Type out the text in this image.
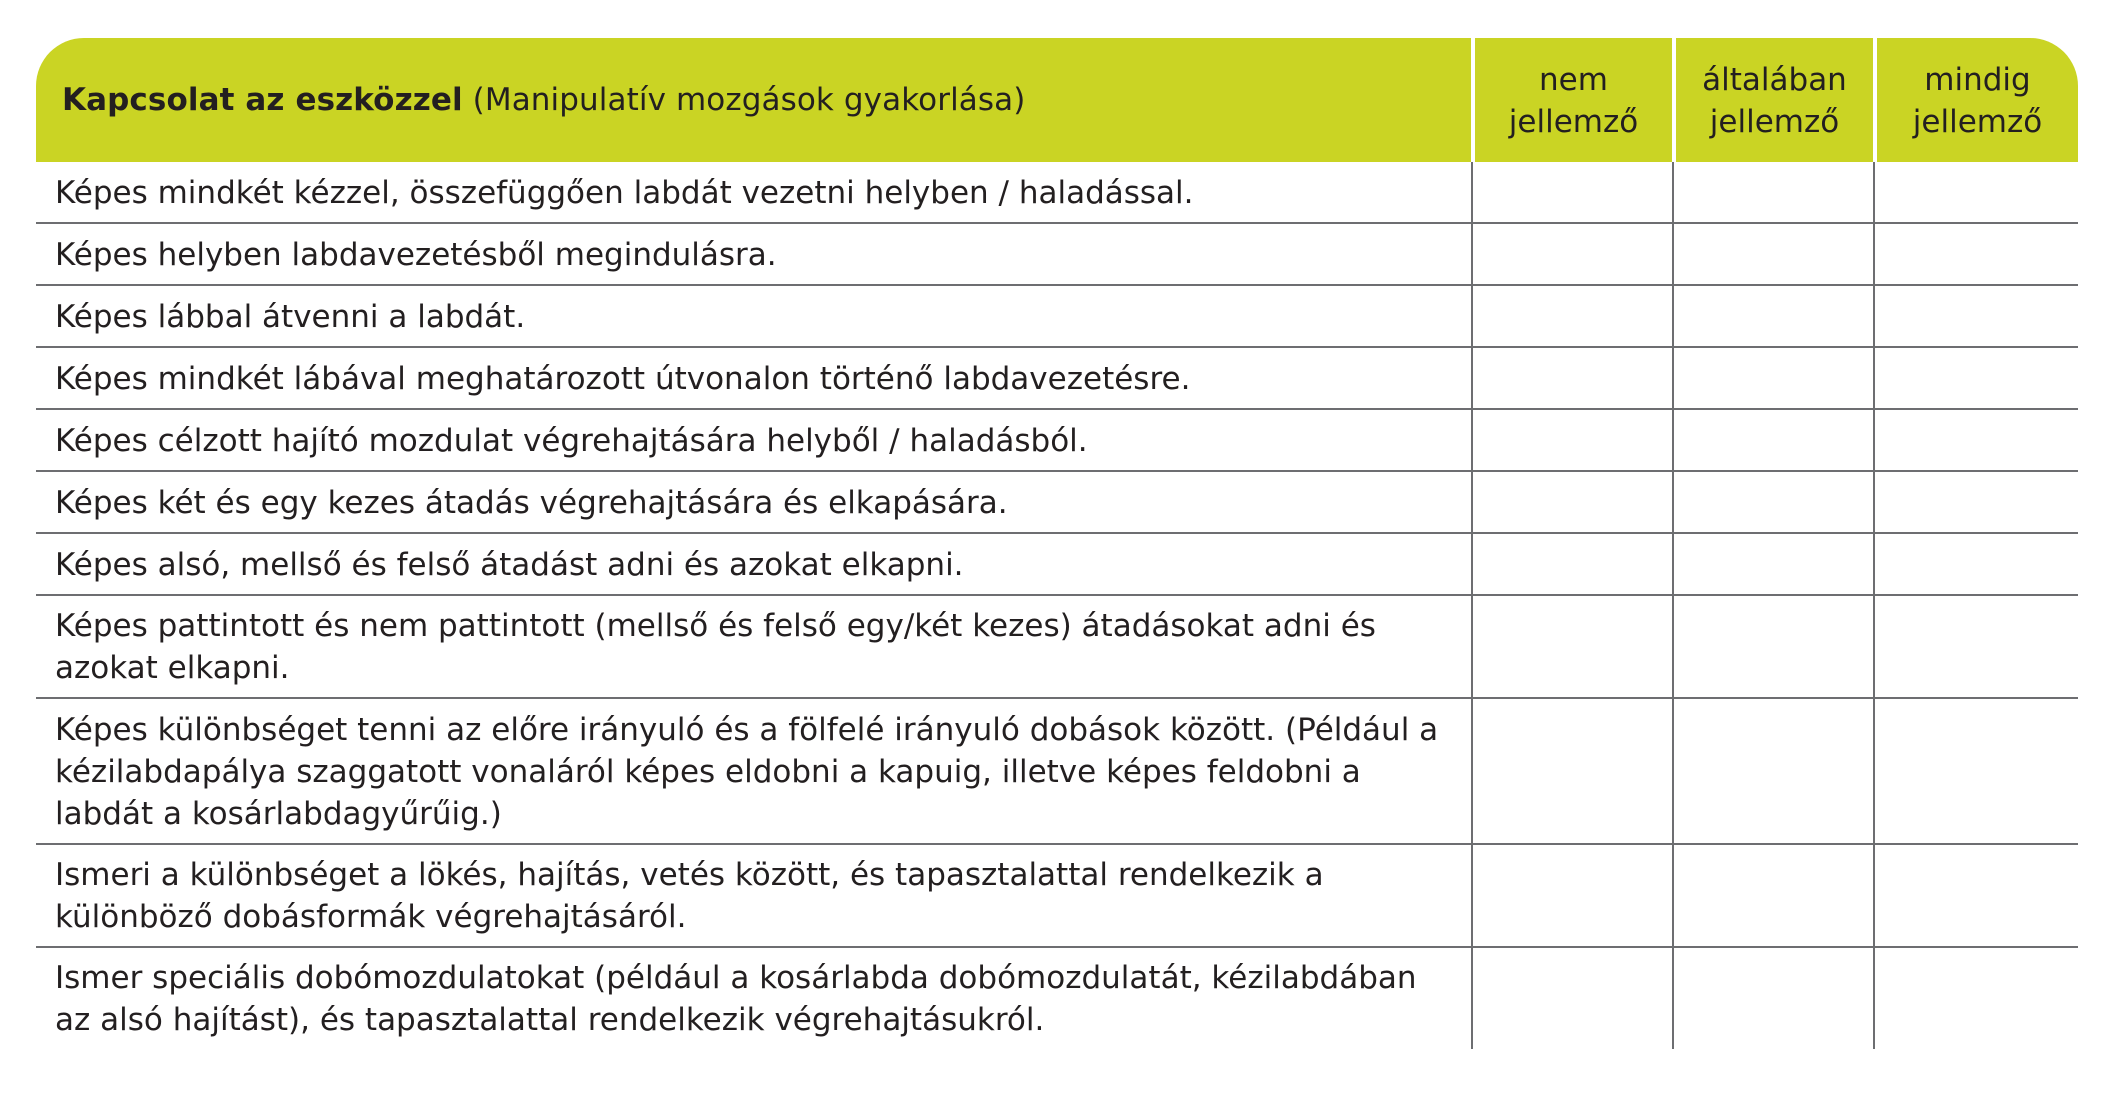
Kapcsolat az eszközzel (Manipulatív mozgások gyakorlása)
nem
jellemző
általában
jellemző
mindig
jellemző
Képes mindkét kézzel, összefüggően labdát vezetni helyben / haladással.
Képes helyben labdavezetésből megindulásra.
Képes lábbal átvenni a labdát.
Képes mindkét lábával meghatározott útvonalon történő labdavezetésre.
Képes célzott hajító mozdulat végrehajtására helyből / haladásból.
Képes két és egy kezes átadás végrehajtására és elkapására.
Képes alsó, mellső és felső átadást adni és azokat elkapni.
Képes pattintott és nem pattintott (mellső és felső egy/két kezes) átadásokat adni és azokat elkapni.
Képes különbséget tenni az előre irányuló és a fölfelé irányuló dobások között. (Például a kézilabdapálya szaggatott vonaláról képes eldobni a kapuig, illetve képes feldobni a labdát a kosárlabdagyűrűig.)
Ismeri a különbséget a lökés, hajítás, vetés között, és tapasztalattal rendelkezik a különböző dobásformák végrehajtásáról.
Ismer speciális dobómozdulatokat (például a kosárlabda dobómozdulatát, kézilabdában az alsó hajítást), és tapasztalattal rendelkezik végrehajtásukról.
